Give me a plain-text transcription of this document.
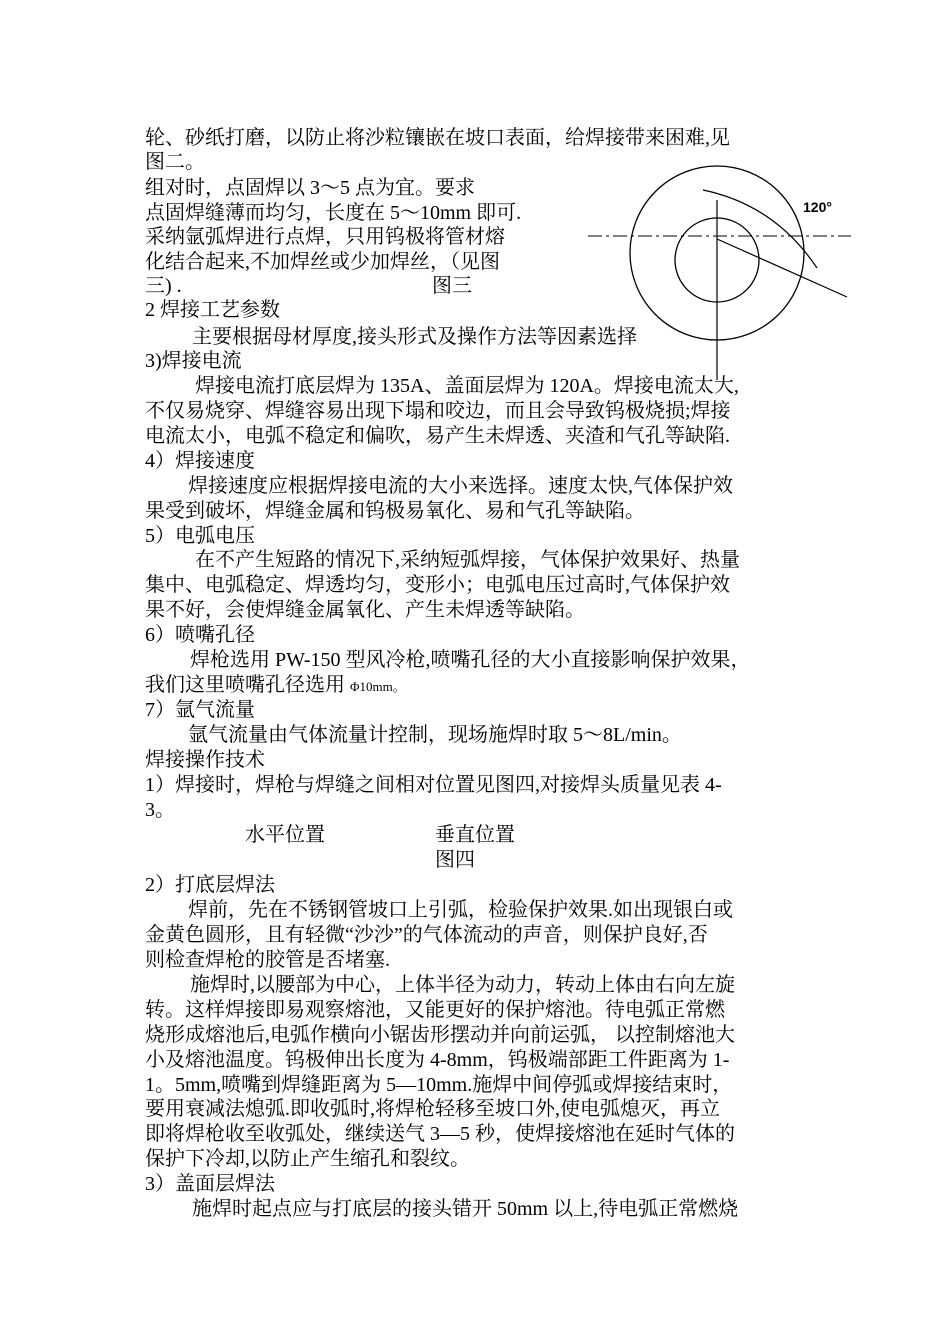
120°
轮、砂纸打磨，以防止将沙粒镶嵌在坡口表面，给焊接带来困难,见
图二。
组对时，点固焊以 3～5 点为宜。要求
点固焊缝薄而均匀，长度在 5～10mm 即可.
采纳氩弧焊进行点焊，只用钨极将管材熔
化结合起来,不加焊丝或少加焊丝，（见图
三) .	图三
2 焊接工艺参数
主要根据母材厚度,接头形式及操作方法等因素选择
3)焊接电流
焊接电流打底层焊为 135A、盖面层焊为 120A。焊接电流太大,
不仅易烧穿、焊缝容易出现下塌和咬边，而且会导致钨极烧损;焊接
电流太小，电弧不稳定和偏吹，易产生未焊透、夹渣和气孔等缺陷.
4）焊接速度
焊接速度应根据焊接电流的大小来选择。速度太快,气体保护效
果受到破坏，焊缝金属和钨极易氧化、易和气孔等缺陷。
5）电弧电压
在不产生短路的情况下,采纳短弧焊接，气体保护效果好、热量
集中、电弧稳定、焊透均匀，变形小；电弧电压过高时,气体保护效
果不好，会使焊缝金属氧化、产生未焊透等缺陷。
6）喷嘴孔径
焊枪选用 PW-150 型风冷枪,喷嘴孔径的大小直接影响保护效果，
我们这里喷嘴孔径选用 Φ10mm。
7）氩气流量
氩气流量由气体流量计控制，现场施焊时取 5～8L/min。
焊接操作技术
1）焊接时，焊枪与焊缝之间相对位置见图四,对接焊头质量见表 4-
3。
水平位置	垂直位置
图四
2）打底层焊法
焊前，先在不锈钢管坡口上引弧，检验保护效果.如出现银白或
金黄色圆形，且有轻微“沙沙”的气体流动的声音，则保护良好,否
则检查焊枪的胶管是否堵塞.
施焊时,以腰部为中心，上体半径为动力，转动上体由右向左旋
转。这样焊接即易观察熔池，又能更好的保护熔池。待电弧正常燃
烧形成熔池后,电弧作横向小锯齿形摆动并向前运弧， 以控制熔池大
小及熔池温度。钨极伸出长度为 4-8mm，钨极端部距工件距离为 1-
1。5mm,喷嘴到焊缝距离为 5—10mm.施焊中间停弧或焊接结束时，
要用衰减法熄弧.即收弧时,将焊枪轻移至坡口外,使电弧熄灭，再立
即将焊枪收至收弧处，继续送气 3—5 秒，使焊接熔池在延时气体的
保护下冷却,以防止产生缩孔和裂纹。
3）盖面层焊法
施焊时起点应与打底层的接头错开 50mm 以上,待电弧正常燃烧
